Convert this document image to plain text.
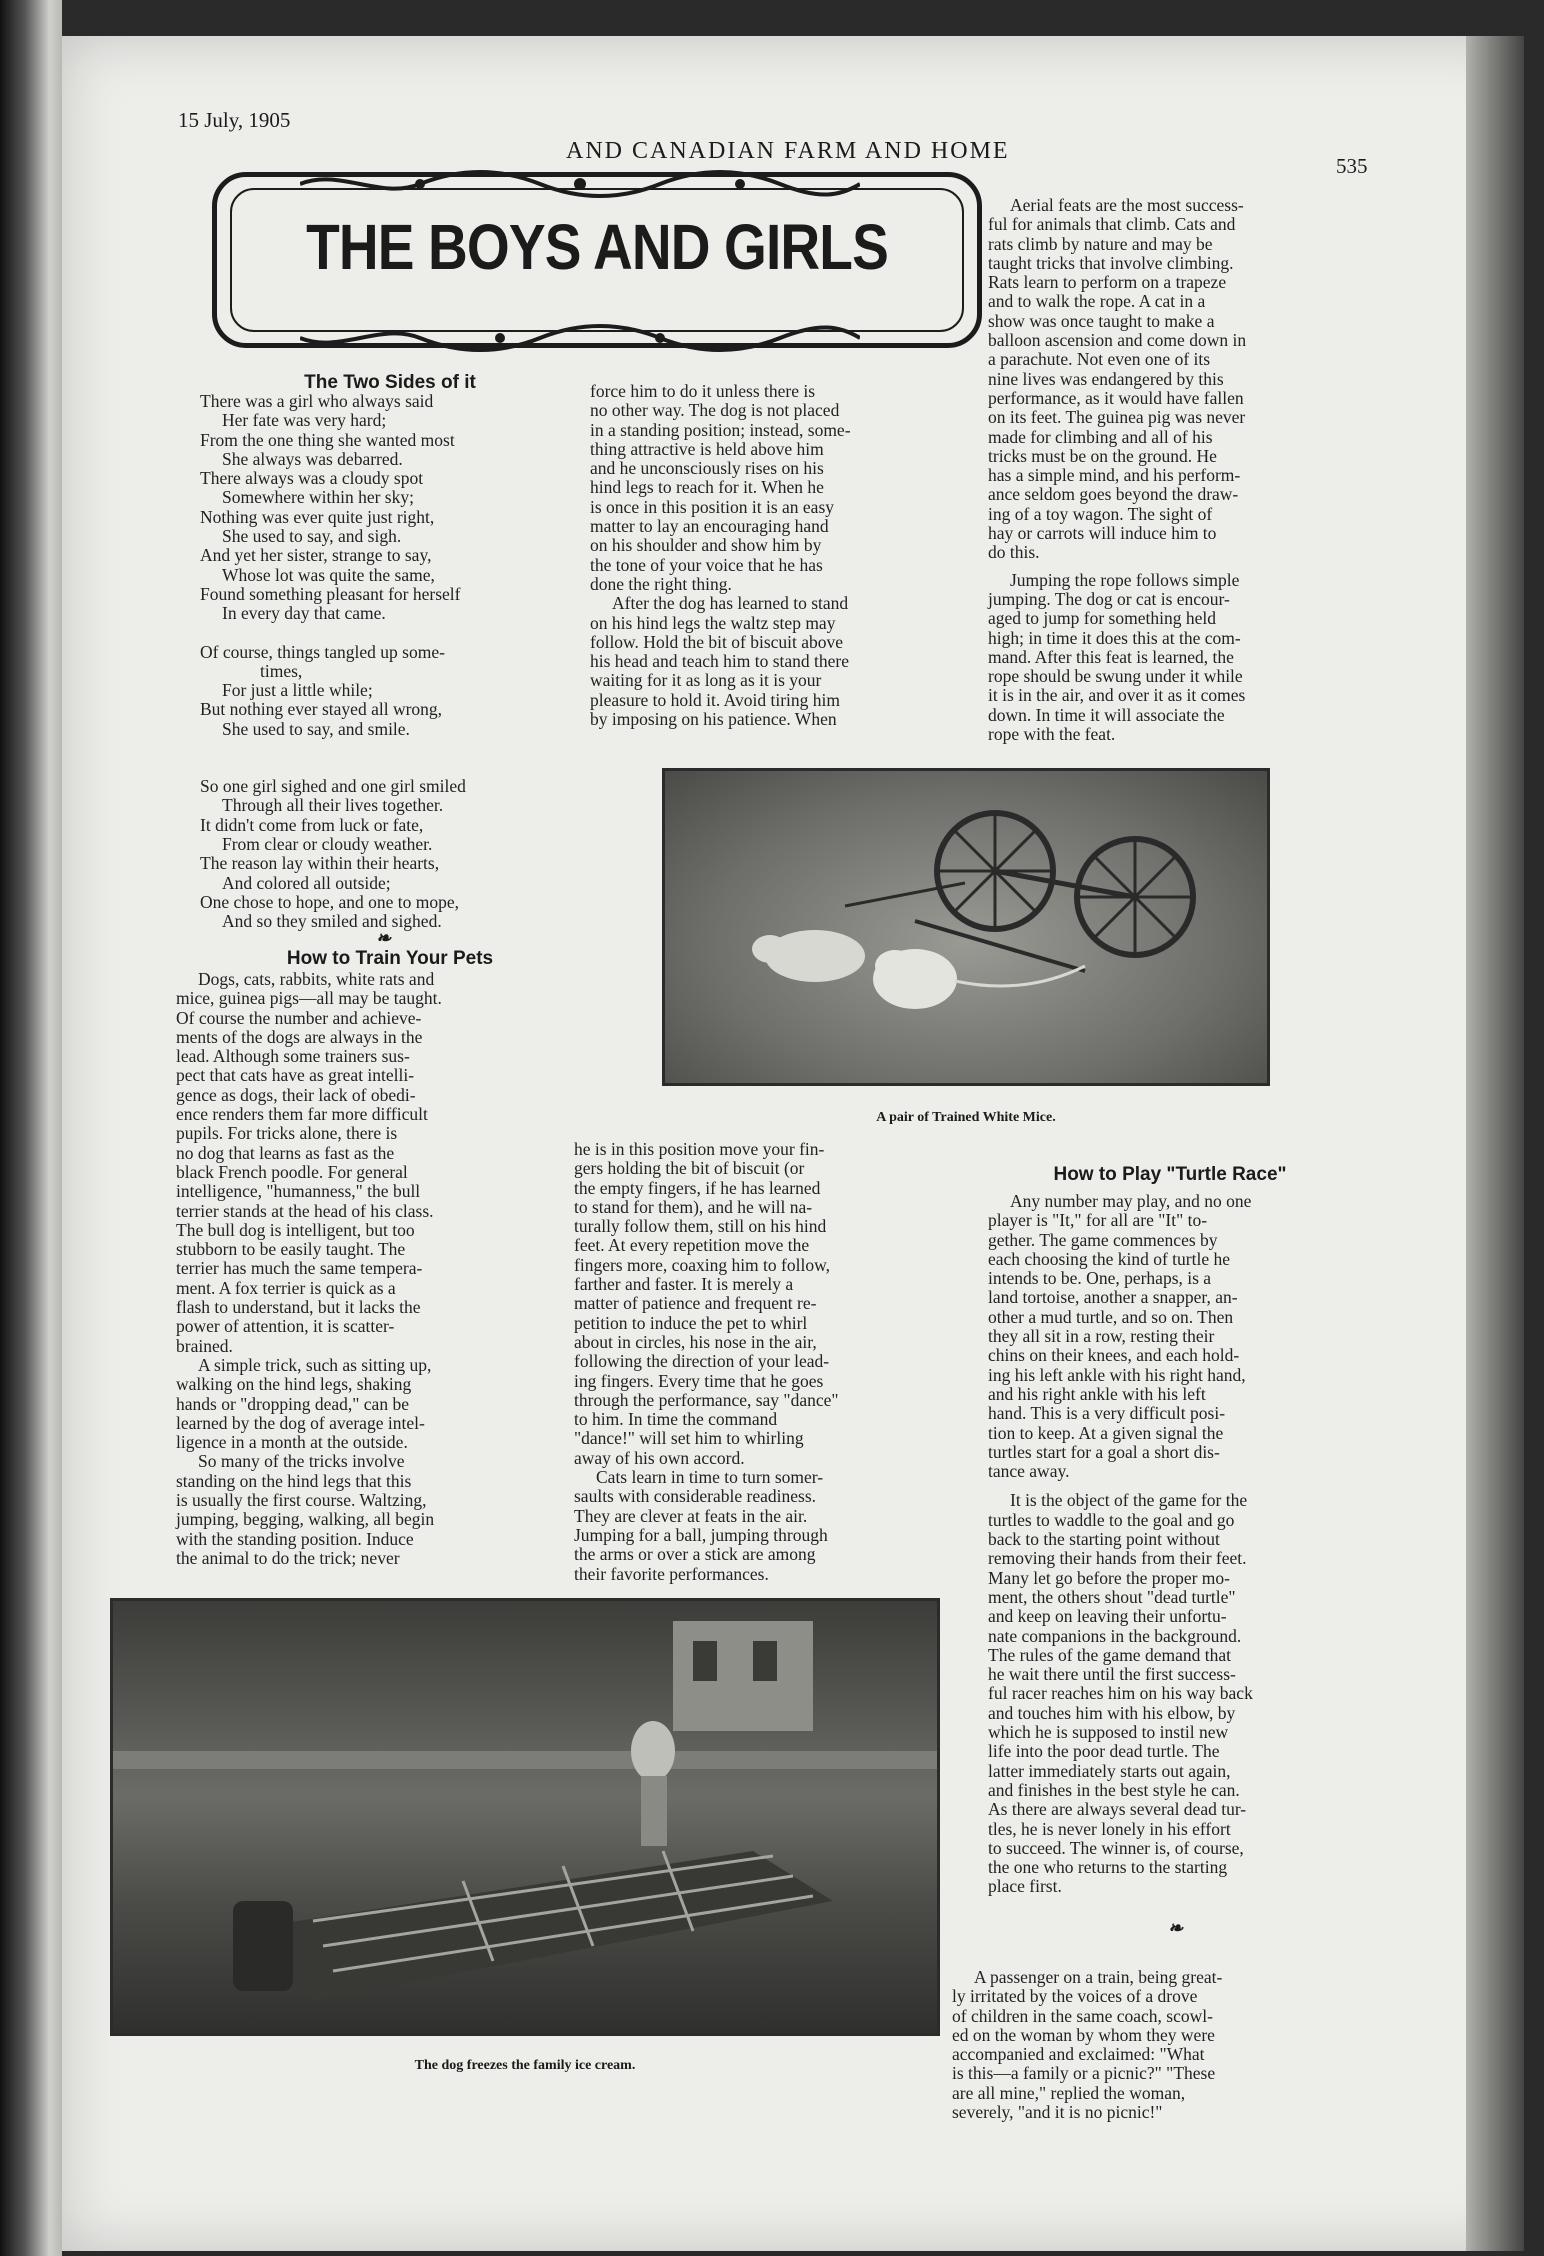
15 July, 1905
AND CANADIAN FARM AND HOME
535
THE BOYS AND GIRLS
The Two Sides of it
There was a girl who always said
Her fate was very hard;
From the one thing she wanted most
She always was debarred.
There always was a cloudy spot
Somewhere within her sky;
Nothing was ever quite just right,
She used to say, and sigh.
And yet her sister, strange to say,
Whose lot was quite the same,
Found something pleasant for herself
In every day that came.
Of course, things tangled up some-
times,
For just a little while;
But nothing ever stayed all wrong,
She used to say, and smile.
So one girl sighed and one girl smiled
Through all their lives together.
It didn't come from luck or fate,
From clear or cloudy weather.
The reason lay within their hearts,
And colored all outside;
One chose to hope, and one to mope,
And so they smiled and sighed.
❧
How to Train Your Pets
Dogs, cats, rabbits, white rats and
mice, guinea pigs—all may be taught.
Of course the number and achieve-
ments of the dogs are always in the
lead. Although some trainers sus-
pect that cats have as great intelli-
gence as dogs, their lack of obedi-
ence renders them far more difficult
pupils. For tricks alone, there is
no dog that learns as fast as the
black French poodle. For general
intelligence, "humanness," the bull
terrier stands at the head of his class.
The bull dog is intelligent, but too
stubborn to be easily taught. The
terrier has much the same tempera-
ment. A fox terrier is quick as a
flash to understand, but it lacks the
power of attention, it is scatter-
brained.
A simple trick, such as sitting up,
walking on the hind legs, shaking
hands or "dropping dead," can be
learned by the dog of average intel-
ligence in a month at the outside.
So many of the tricks involve
standing on the hind legs that this
is usually the first course. Waltzing,
jumping, begging, walking, all begin
with the standing position. Induce
the animal to do the trick; never
force him to do it unless there is
no other way. The dog is not placed
in a standing position; instead, some-
thing attractive is held above him
and he unconsciously rises on his
hind legs to reach for it. When he
is once in this position it is an easy
matter to lay an encouraging hand
on his shoulder and show him by
the tone of your voice that he has
done the right thing.
After the dog has learned to stand
on his hind legs the waltz step may
follow. Hold the bit of biscuit above
his head and teach him to stand there
waiting for it as long as it is your
pleasure to hold it. Avoid tiring him
by imposing on his patience. When
Aerial feats are the most success-
ful for animals that climb. Cats and
rats climb by nature and may be
taught tricks that involve climbing.
Rats learn to perform on a trapeze
and to walk the rope. A cat in a
show was once taught to make a
balloon ascension and come down in
a parachute. Not even one of its
nine lives was endangered by this
performance, as it would have fallen
on its feet. The guinea pig was never
made for climbing and all of his
tricks must be on the ground. He
has a simple mind, and his perform-
ance seldom goes beyond the draw-
ing of a toy wagon. The sight of
hay or carrots will induce him to
do this.
Jumping the rope follows simple
jumping. The dog or cat is encour-
aged to jump for something held
high; in time it does this at the com-
mand. After this feat is learned, the
rope should be swung under it while
it is in the air, and over it as it comes
down. In time it will associate the
rope with the feat.
A pair of Trained White Mice.
he is in this position move your fin-
gers holding the bit of biscuit (or
the empty fingers, if he has learned
to stand for them), and he will na-
turally follow them, still on his hind
feet. At every repetition move the
fingers more, coaxing him to follow,
farther and faster. It is merely a
matter of patience and frequent re-
petition to induce the pet to whirl
about in circles, his nose in the air,
following the direction of your lead-
ing fingers. Every time that he goes
through the performance, say "dance"
to him. In time the command
"dance!" will set him to whirling
away of his own accord.
Cats learn in time to turn somer-
saults with considerable readiness.
They are clever at feats in the air.
Jumping for a ball, jumping through
the arms or over a stick are among
their favorite performances.
How to Play "Turtle Race"
Any number may play, and no one
player is "It," for all are "It" to-
gether. The game commences by
each choosing the kind of turtle he
intends to be. One, perhaps, is a
land tortoise, another a snapper, an-
other a mud turtle, and so on. Then
they all sit in a row, resting their
chins on their knees, and each hold-
ing his left ankle with his right hand,
and his right ankle with his left
hand. This is a very difficult posi-
tion to keep. At a given signal the
turtles start for a goal a short dis-
tance away.
It is the object of the game for the
turtles to waddle to the goal and go
back to the starting point without
removing their hands from their feet.
Many let go before the proper mo-
ment, the others shout "dead turtle"
and keep on leaving their unfortu-
nate companions in the background.
The rules of the game demand that
he wait there until the first success-
ful racer reaches him on his way back
and touches him with his elbow, by
which he is supposed to instil new
life into the poor dead turtle. The
latter immediately starts out again,
and finishes in the best style he can.
As there are always several dead tur-
tles, he is never lonely in his effort
to succeed. The winner is, of course,
the one who returns to the starting
place first.
❧
A passenger on a train, being great-
ly irritated by the voices of a drove
of children in the same coach, scowl-
ed on the woman by whom they were
accompanied and exclaimed: "What
is this—a family or a picnic?" "These
are all mine," replied the woman,
severely, "and it is no picnic!"
The dog freezes the family ice cream.
